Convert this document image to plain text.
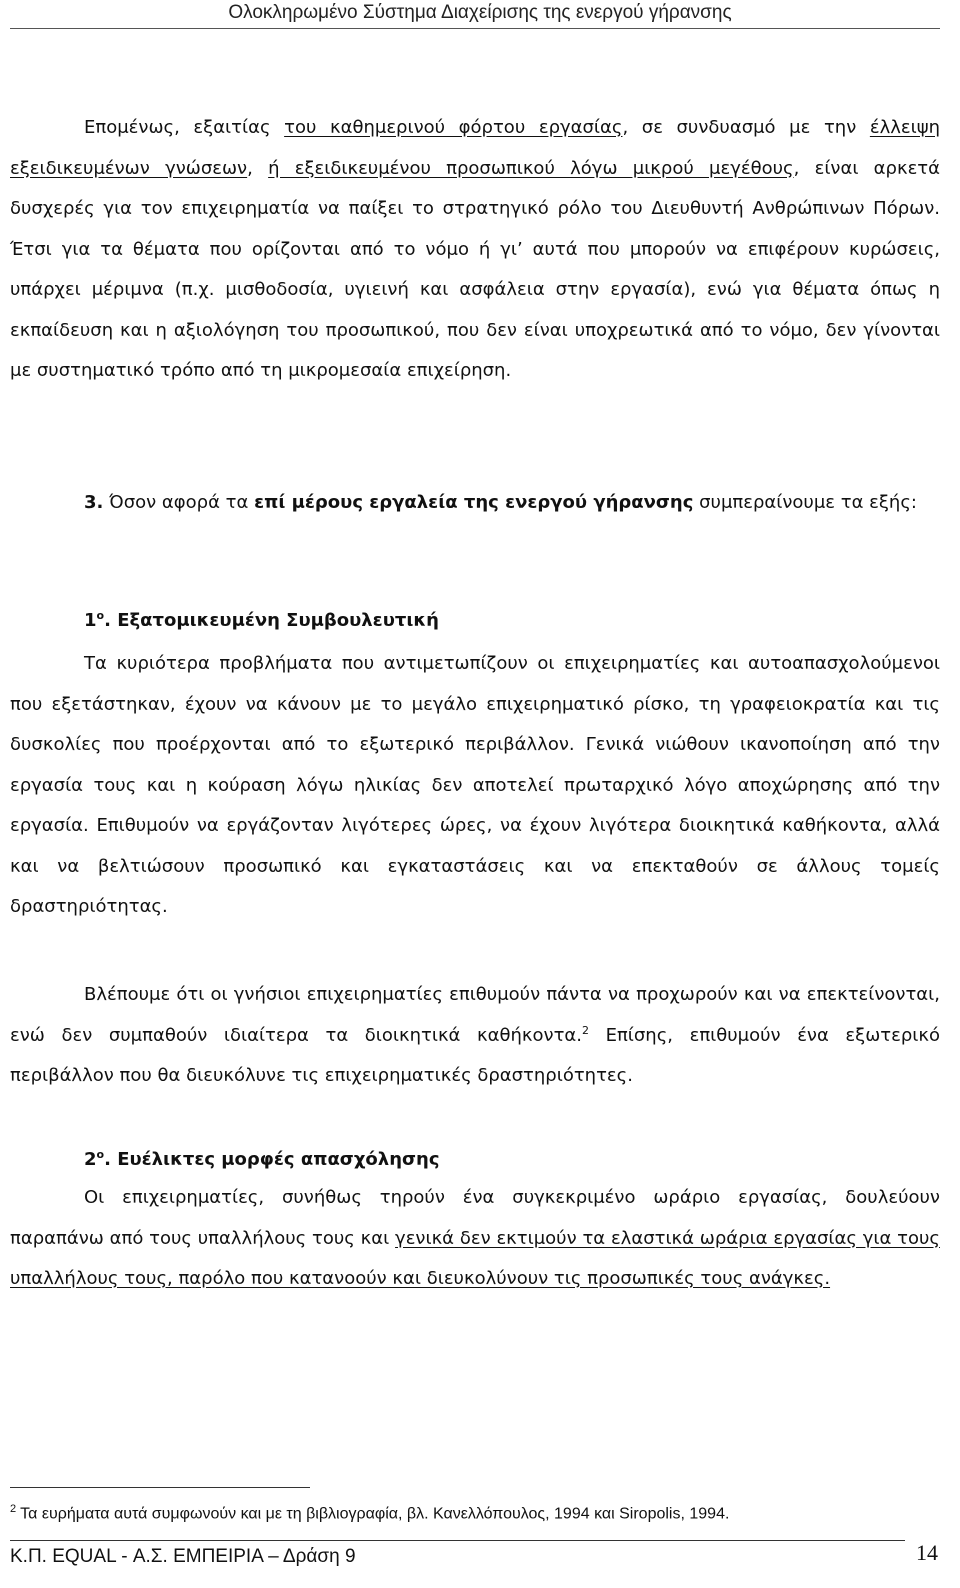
Ολοκληρωμένο Σύστημα Διαχείρισης της ενεργού γήρανσης

Επομένως, εξαιτίας του καθημερινού φόρτου εργασίας, σε συνδυασμό με την έλλειψη εξειδικευμένων γνώσεων, ή εξειδικευμένου προσωπικού λόγω μικρού μεγέθους, είναι αρκετά δυσχερές για τον επιχειρηματία να παίξει το στρατηγικό ρόλο του Διευθυντή Ανθρώπινων Πόρων. Έτσι για τα θέματα που ορίζονται από το νόμο ή γι’ αυτά που μπορούν να επιφέρουν κυρώσεις, υπάρχει μέριμνα (π.χ. μισθοδοσία, υγιεινή και ασφάλεια στην εργασία), ενώ για θέματα όπως η εκπαίδευση και η αξιολόγηση του προσωπικού, που δεν είναι υποχρεωτικά από το νόμο, δεν γίνονται με συστηματικό τρόπο από τη μικρομεσαία επιχείρηση.

3. Όσον αφορά τα επί μέρους εργαλεία της ενεργού γήρανσης συμπεραίνουμε τα εξής:

$1^o$. Εξατομικευμένη Συμβουλευτική

Τα κυριότερα προβλήματα που αντιμετωπίζουν οι επιχειρηματίες και αυτοαπασχολούμενοι που εξετάστηκαν, έχουν να κάνουν με το μεγάλο επιχειρηματικό ρίσκο, τη γραφειοκρατία και τις δυσκολίες που προέρχονται από το εξωτερικό περιβάλλον. Γενικά νιώθουν ικανοποίηση από την εργασία τους και η κούραση λόγω ηλικίας δεν αποτελεί πρωταρχικό λόγο αποχώρησης από την εργασία. Επιθυμούν να εργάζονταν λιγότερες ώρες, να έχουν λιγότερα διοικητικά καθήκοντα, αλλά και να βελτιώσουν προσωπικό και εγκαταστάσεις και να επεκταθούν σε άλλους τομείς δραστηριότητας.

Βλέπουμε ότι οι γνήσιοι επιχειρηματίες επιθυμούν πάντα να προχωρούν και να επεκτείνονται, ενώ δεν συμπαθούν ιδιαίτερα τα διοικητικά καθήκοντα.$^2$ Επίσης, επιθυμούν ένα εξωτερικό περιβάλλον που θα διευκόλυνε τις επιχειρηματικές δραστηριότητες.

$2^o$. Ευέλικτες μορφές απασχόλησης

Οι επιχειρηματίες, συνήθως τηρούν ένα συγκεκριμένο ωράριο εργασίας, δουλεύουν παραπάνω από τους υπαλλήλους τους και γενικά δεν εκτιμούν τα ελαστικά ωράρια εργασίας για τους υπαλλήλους τους, παρόλο που κατανοούν και διευκολύνουν τις προσωπικές τους ανάγκες.

$^2$ Τα ευρήματα αυτά συμφωνούν και με τη βιβλιογραφία, βλ. Κανελλόπουλος, 1994 και Siropolis, 1994.
Κ.Π. EQUAL - Α.Σ. ΕΜΠΕΙΡΙΑ – Δράση 9	14
